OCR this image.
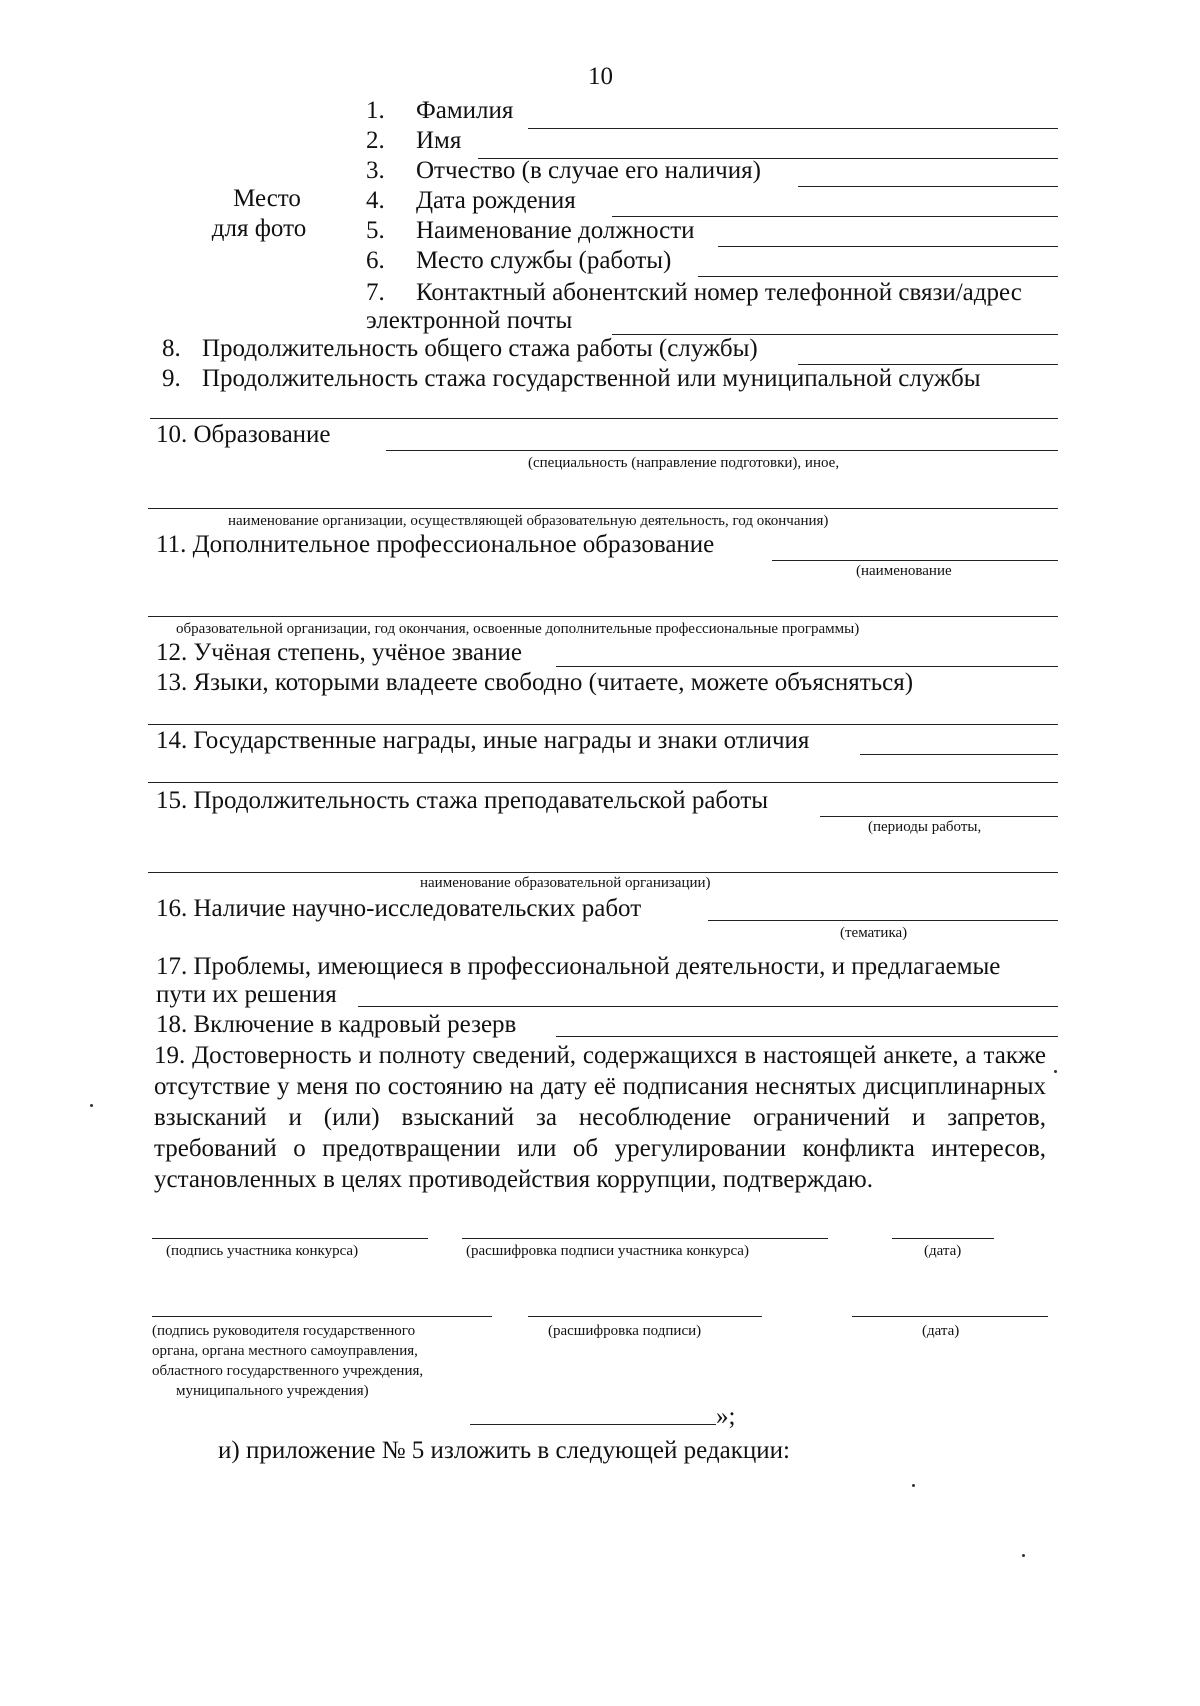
10
Место
для фото
1. Фамилия
2. Имя
3. Отчество (в случае его наличия)
4. Дата рождения
5. Наименование должности
6. Место службы (работы)
7. Контактный абонентский номер телефонной связи/адрес
электронной почты
8. Продолжительность общего стажа работы (службы)
9. Продолжительность стажа государственной или муниципальной службы
10. Образование
(специальность (направление подготовки), иное,
наименование организации, осуществляющей образовательную деятельность, год окончания)
11. Дополнительное профессиональное образование
(наименование
образовательной организации, год окончания, освоенные дополнительные профессиональные программы)
12. Учёная степень, учёное звание
13. Языки, которыми владеете свободно (читаете, можете объясняться)
14. Государственные награды, иные награды и знаки отличия
15. Продолжительность стажа преподавательской работы
(периоды работы,
наименование образовательной организации)
16. Наличие научно-исследовательских работ
(тематика)
17. Проблемы, имеющиеся в профессиональной деятельности, и предлагаемые
пути их решения
18. Включение в кадровый резерв
19. Достоверность и полноту сведений, содержащихся в настоящей анкете, а также отсутствие у меня по состоянию на дату её подписания неснятых дисциплинарных взысканий и (или) взысканий за несоблюдение ограничений и запретов, требований о предотвращении или об урегулировании конфликта интересов, установленных в целях противодействия коррупции, подтверждаю.
(подпись участника конкурса)	(расшифровка подписи участника конкурса)	(дата)
(подпись руководителя государственного
органа, органа местного самоуправления,
областного государственного учреждения,
муниципального учреждения)
(расшифровка подписи)	(дата)
»;
и) приложение № 5 изложить в следующей редакции:
